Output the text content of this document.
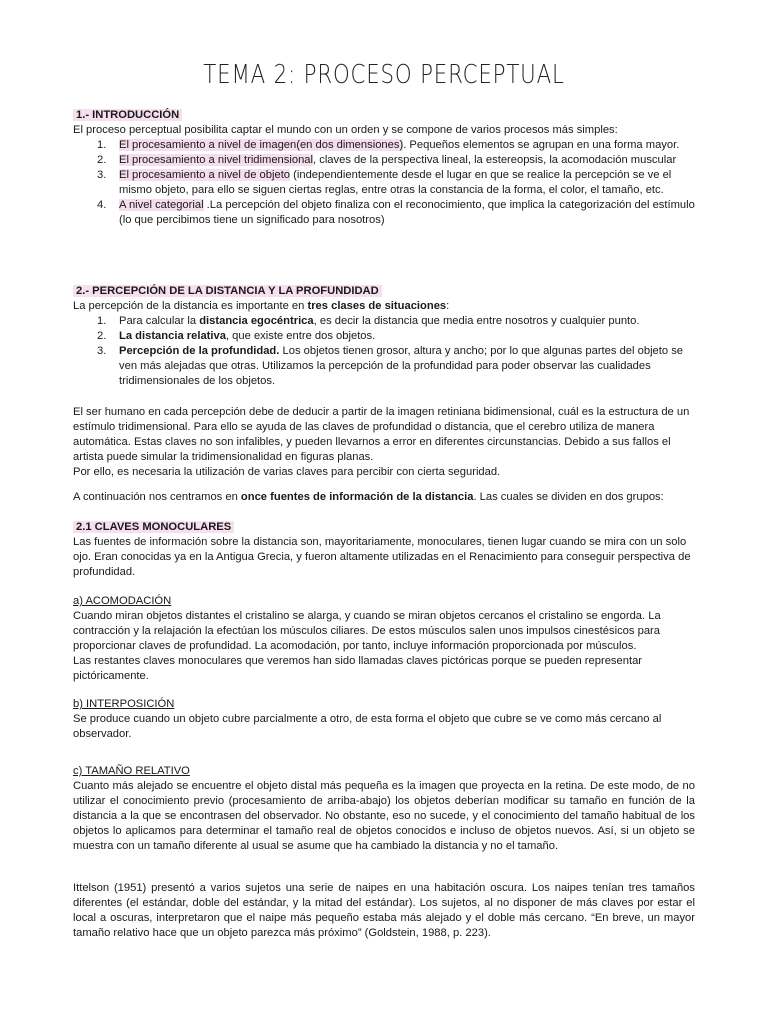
TEMA 2: PROCESO PERCEPTUAL
1.- INTRODUCCIÓN

El proceso perceptual posibilita captar el mundo con un orden y se compone de varios procesos más simples:

1. El procesamiento a nivel de imagen(en dos dimensiones). Pequeños elementos se agrupan en una forma mayor.
2. El procesamiento a nivel tridimensional, claves de la perspectiva lineal, la estereopsis, la acomodación muscular
3. El procesamiento a nivel de objeto (independientemente desde el lugar en que se realice la percepción se ve el mismo objeto, para ello se siguen ciertas reglas, entre otras la constancia de la forma, el color, el tamaño, etc.
4. A nivel categorial .La percepción del objeto finaliza con el reconocimiento, que implica la categorización del estímulo (lo que percibimos tiene un significado para nosotros)
2.- PERCEPCIÓN DE LA DISTANCIA Y LA PROFUNDIDAD

La percepción de la distancia es importante en tres clases de situaciones:

1. Para calcular la distancia egocéntrica, es decir la distancia que media entre nosotros y cualquier punto.
2. La distancia relativa, que existe entre dos objetos.
3. Percepción de la profundidad. Los objetos tienen grosor, altura y ancho; por lo que algunas partes del objeto se ven más alejadas que otras. Utilizamos la percepción de la profundidad para poder observar las cualidades tridimensionales de los objetos.

El ser humano en cada percepción debe de deducir a partir de la imagen retiniana bidimensional, cuál es la estructura de un estímulo tridimensional. Para ello se ayuda de las claves de profundidad o distancia, que el cerebro utiliza de manera automática. Estas claves no son infalibles, y pueden llevarnos a error en diferentes circunstancias. Debido a sus fallos el artista puede simular la tridimensionalidad en figuras planas.

Por ello, es necesaria la utilización de varias claves para percibir con cierta seguridad.

A continuación nos centramos en once fuentes de información de la distancia. Las cuales se dividen en dos grupos:

2.1 CLAVES MONOCULARES

Las fuentes de información sobre la distancia son, mayoritariamente, monoculares, tienen lugar cuando se mira con un solo ojo. Eran conocidas ya en la Antigua Grecia, y fueron altamente utilizadas en el Renacimiento para conseguir perspectiva de profundidad.

a) ACOMODACIÓN

Cuando miran objetos distantes el cristalino se alarga, y cuando se miran objetos cercanos el cristalino se engorda. La contracción y la relajación la efectúan los músculos ciliares. De estos músculos salen unos impulsos cinestésicos para proporcionar claves de profundidad. La acomodación, por tanto, incluye información proporcionada por músculos.

Las restantes claves monoculares que veremos han sido llamadas claves pictóricas porque se pueden representar pictóricamente.

b) INTERPOSICIÓN

Se produce cuando un objeto cubre parcialmente a otro, de esta forma el objeto que cubre se ve como más cercano al observador.

c) TAMAÑO RELATIVO

Cuanto más alejado se encuentre el objeto distal más pequeña es la imagen que proyecta en la retina. De este modo, de no utilizar el conocimiento previo (procesamiento de arriba-abajo) los objetos deberían modificar su tamaño en función de la distancia a la que se encontrasen del observador. No obstante, eso no sucede, y el conocimiento del tamaño habitual de los objetos lo aplicamos para determinar el tamaño real de objetos conocidos e incluso de objetos nuevos. Así, si un objeto se muestra con un tamaño diferente al usual se asume que ha cambiado la distancia y no el tamaño.

Ittelson (1951) presentó a varios sujetos una serie de naipes en una habitación oscura. Los naipes tenían tres tamaños diferentes (el estándar, doble del estándar, y la mitad del estándar). Los sujetos, al no disponer de más claves por estar el local a oscuras, interpretaron que el naipe más pequeño estaba más alejado y el doble más cercano. “En breve, un mayor tamaño relativo hace que un objeto parezca más próximo” (Goldstein, 1988, p. 223).
